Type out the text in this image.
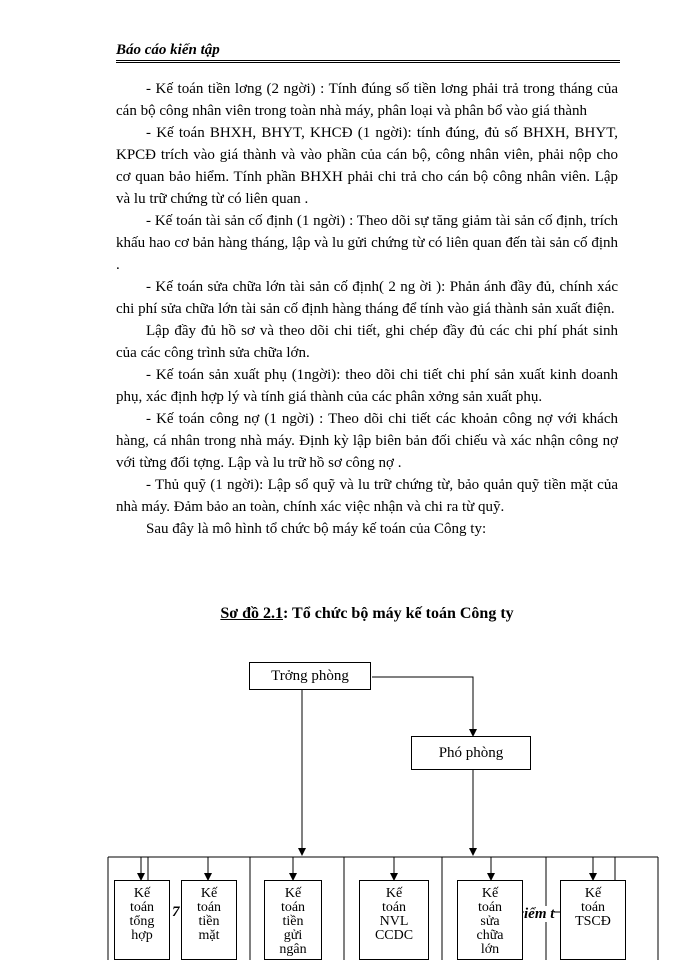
Báo cáo kiến tập

- Kế toán tiền lơng (2 ngời) : Tính đúng số tiền lơng phải trả trong tháng của cán bộ công nhân viên trong toàn nhà máy, phân loại và phân bổ vào giá thành

- Kế toán BHXH, BHYT, KHCĐ (1 ngời): tính đúng, đủ số BHXH, BHYT, KPCĐ trích vào giá thành và vào phần của cán bộ, công nhân viên, phải nộp cho cơ quan bảo hiểm. Tính phần BHXH phải chi trả cho cán bộ công nhân viên. Lập và lu trữ chứng từ có liên quan .

- Kế toán tài sản cố định (1 ngời) : Theo dõi sự tăng giảm tài sản cố định, trích khấu hao cơ bản hàng tháng, lập và lu gửi chứng từ có liên quan đến tài sản cố định .

- Kế toán sửa chữa lớn tài sản cố định( 2 ng ời ): Phản ánh đầy đủ, chính xác chi phí sửa chữa lớn tài sản cố định hàng tháng để tính vào giá thành sản xuất điện.

Lập đầy đủ hồ sơ và theo dõi chi tiết, ghi chép đầy đủ các chi phí phát sinh của các công trình sửa chữa lớn.

- Kế toán sản xuất phụ (1ngời): theo dõi chi tiết chi phí sản xuất kinh doanh phụ, xác định hợp lý và tính giá thành của các phân xởng sản xuất phụ.

- Kế toán công nợ (1 ngời) : Theo dõi chi tiết các khoản công nợ với khách hàng, cá nhân trong nhà máy. Định kỳ lập biên bản đối chiếu và xác nhận công nợ với từng đối tợng. Lập và lu trữ hồ sơ công nợ .

- Thủ quỹ (1 ngời): Lập sổ quỹ và lu trữ chứng từ, bảo quản quỹ tiền mặt của nhà máy. Đảm bảo an toàn, chính xác việc nhận và chi ra từ quỹ.

Sau đây là mô hình tổ chức bộ máy kế toán của Công ty:

Sơ đồ 2.1: Tổ chức bộ máy kế toán Công ty
Trởng phòng
Phó phòng
Kế
toán
tổng
hợp
Kế
toán
tiền
mặt
Kế
toán
tiền
gửi
ngân
Kế
toán
NVL
CCDC
Kế
toán
sửa
chữa
lớn
Kế
toán
TSCĐ
7	iểm t
